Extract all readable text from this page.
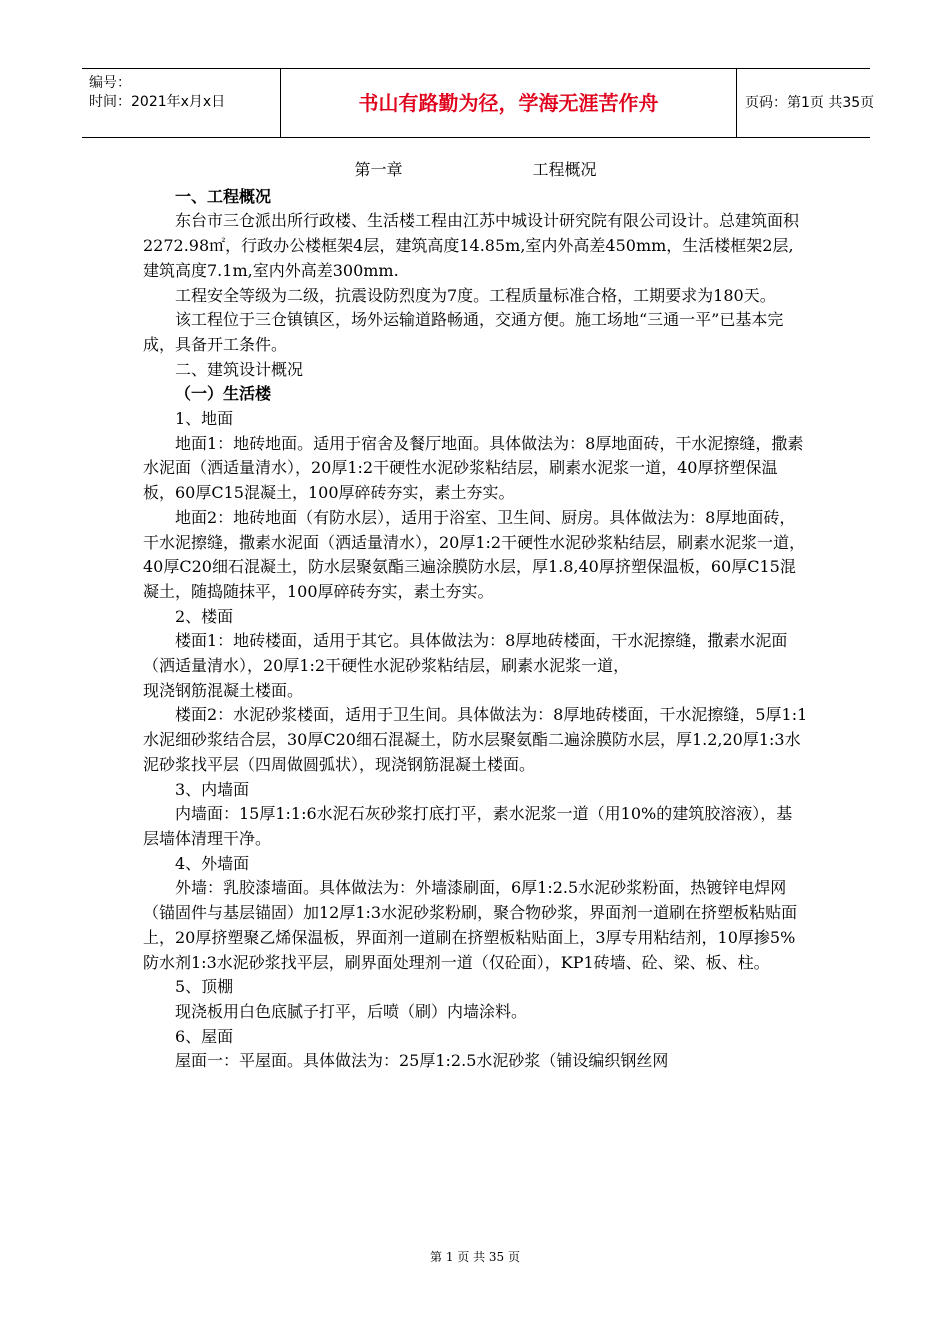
编号：
时间：2021年x月x日	书山有路勤为径，学海无涯苦作舟	页码：第1页 共35页

第一章	工程概况

一、工程概况

东台市三仓派出所行政楼、生活楼工程由江苏中城设计研究院有限公司设计。总建筑面积2272.98㎡，行政办公楼框架4层，建筑高度14.85m,室内外高差450mm，生活楼框架2层,建筑高度7.1m,室内外高差300mm.

工程安全等级为二级，抗震设防烈度为7度。工程质量标准合格，工期要求为180天。

该工程位于三仓镇镇区，场外运输道路畅通，交通方便。施工场地“三通一平”已基本完成，具备开工条件。

二、建筑设计概况

（一）生活楼

1、地面

地面1：地砖地面。适用于宿舍及餐厅地面。具体做法为：8厚地面砖，干水泥擦缝，撒素水泥面（洒适量清水），20厚1:2干硬性水泥砂浆粘结层，刷素水泥浆一道，40厚挤塑保温板，60厚C15混凝土，100厚碎砖夯实，素土夯实。

地面2：地砖地面（有防水层），适用于浴室、卫生间、厨房。具体做法为：8厚地面砖，干水泥擦缝，撒素水泥面（洒适量清水），20厚1:2干硬性水泥砂浆粘结层，刷素水泥浆一道，40厚C20细石混凝土，防水层聚氨酯三遍涂膜防水层，厚1.8,40厚挤塑保温板，60厚C15混凝土，随捣随抹平，100厚碎砖夯实，素土夯实。

2、楼面

楼面1：地砖楼面，适用于其它。具体做法为：8厚地砖楼面，干水泥擦缝，撒素水泥面（洒适量清水），20厚1:2干硬性水泥砂浆粘结层，刷素水泥浆一道，

现浇钢筋混凝土楼面。

楼面2：水泥砂浆楼面，适用于卫生间。具体做法为：8厚地砖楼面，干水泥擦缝，5厚1:1水泥细砂浆结合层，30厚C20细石混凝土，防水层聚氨酯二遍涂膜防水层，厚1.2,20厚1:3水泥砂浆找平层（四周做圆弧状），现浇钢筋混凝土楼面。

3、内墙面

内墙面：15厚1:1:6水泥石灰砂浆打底打平，素水泥浆一道（用10%的建筑胶溶液），基层墙体清理干净。

4、外墙面

外墙：乳胶漆墙面。具体做法为：外墙漆刷面，6厚1:2.5水泥砂浆粉面，热镀锌电焊网（锚固件与基层锚固）加12厚1:3水泥砂浆粉刷，聚合物砂浆，界面剂一道刷在挤塑板粘贴面上，20厚挤塑聚乙烯保温板，界面剂一道刷在挤塑板粘贴面上，3厚专用粘结剂，10厚掺5%防水剂1:3水泥砂浆找平层，刷界面处理剂一道（仅砼面），KP1砖墙、砼、梁、板、柱。

5、顶棚

现浇板用白色底腻子打平，后喷（刷）内墙涂料。

6、屋面

屋面一：平屋面。具体做法为：25厚1:2.5水泥砂浆（铺设编织钢丝网

第 1 页 共 35 页
